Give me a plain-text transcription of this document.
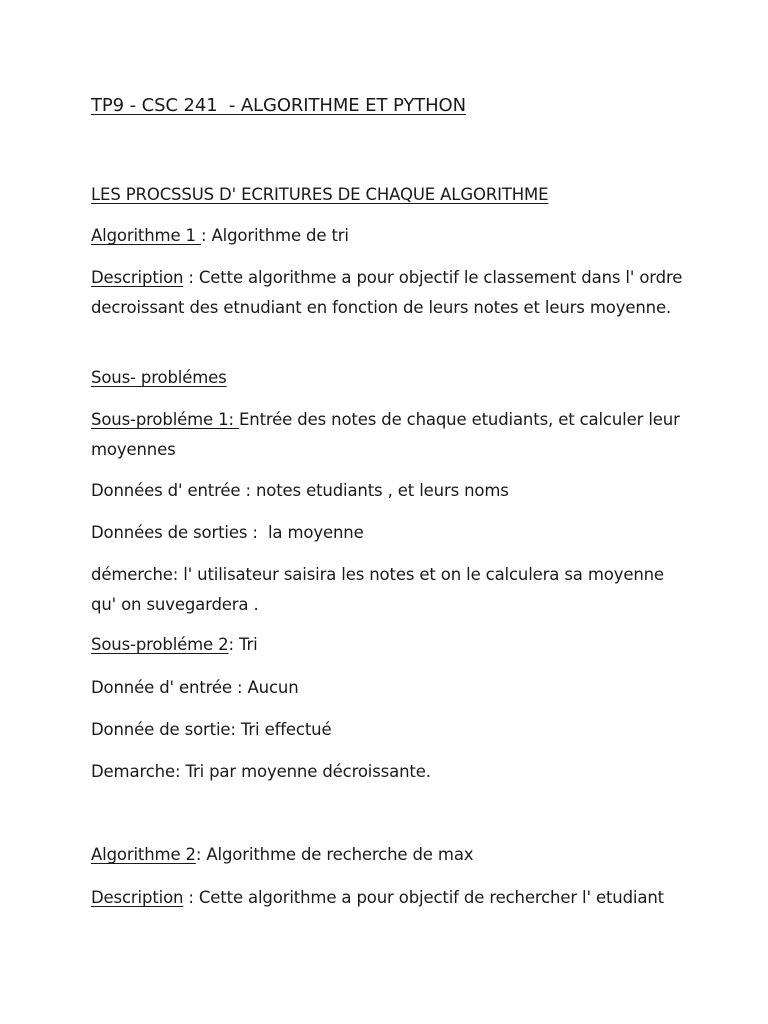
TP9 - CSC 241  - ALGORITHME ET PYTHON
LES PROCSSUS D' ECRITURES DE CHAQUE ALGORITHME
Algorithme 1 : Algorithme de tri
Description : Cette algorithme a pour objectif le classement dans l' ordre decroissant des etnudiant en fonction de leurs notes et leurs moyenne.
Sous- problémes
Sous-probléme 1: Entrée des notes de chaque etudiants, et calculer leur moyennes
Données d' entrée : notes etudiants , et leurs noms
Données de sorties :  la moyenne
démerche: l' utilisateur saisira les notes et on le calculera sa moyenne qu' on suvegardera .
Sous-probléme 2: Tri
Donnée d' entrée : Aucun
Donnée de sortie: Tri effectué
Demarche: Tri par moyenne décroissante.
Algorithme 2: Algorithme de recherche de max
Description : Cette algorithme a pour objectif de rechercher l' etudiant
